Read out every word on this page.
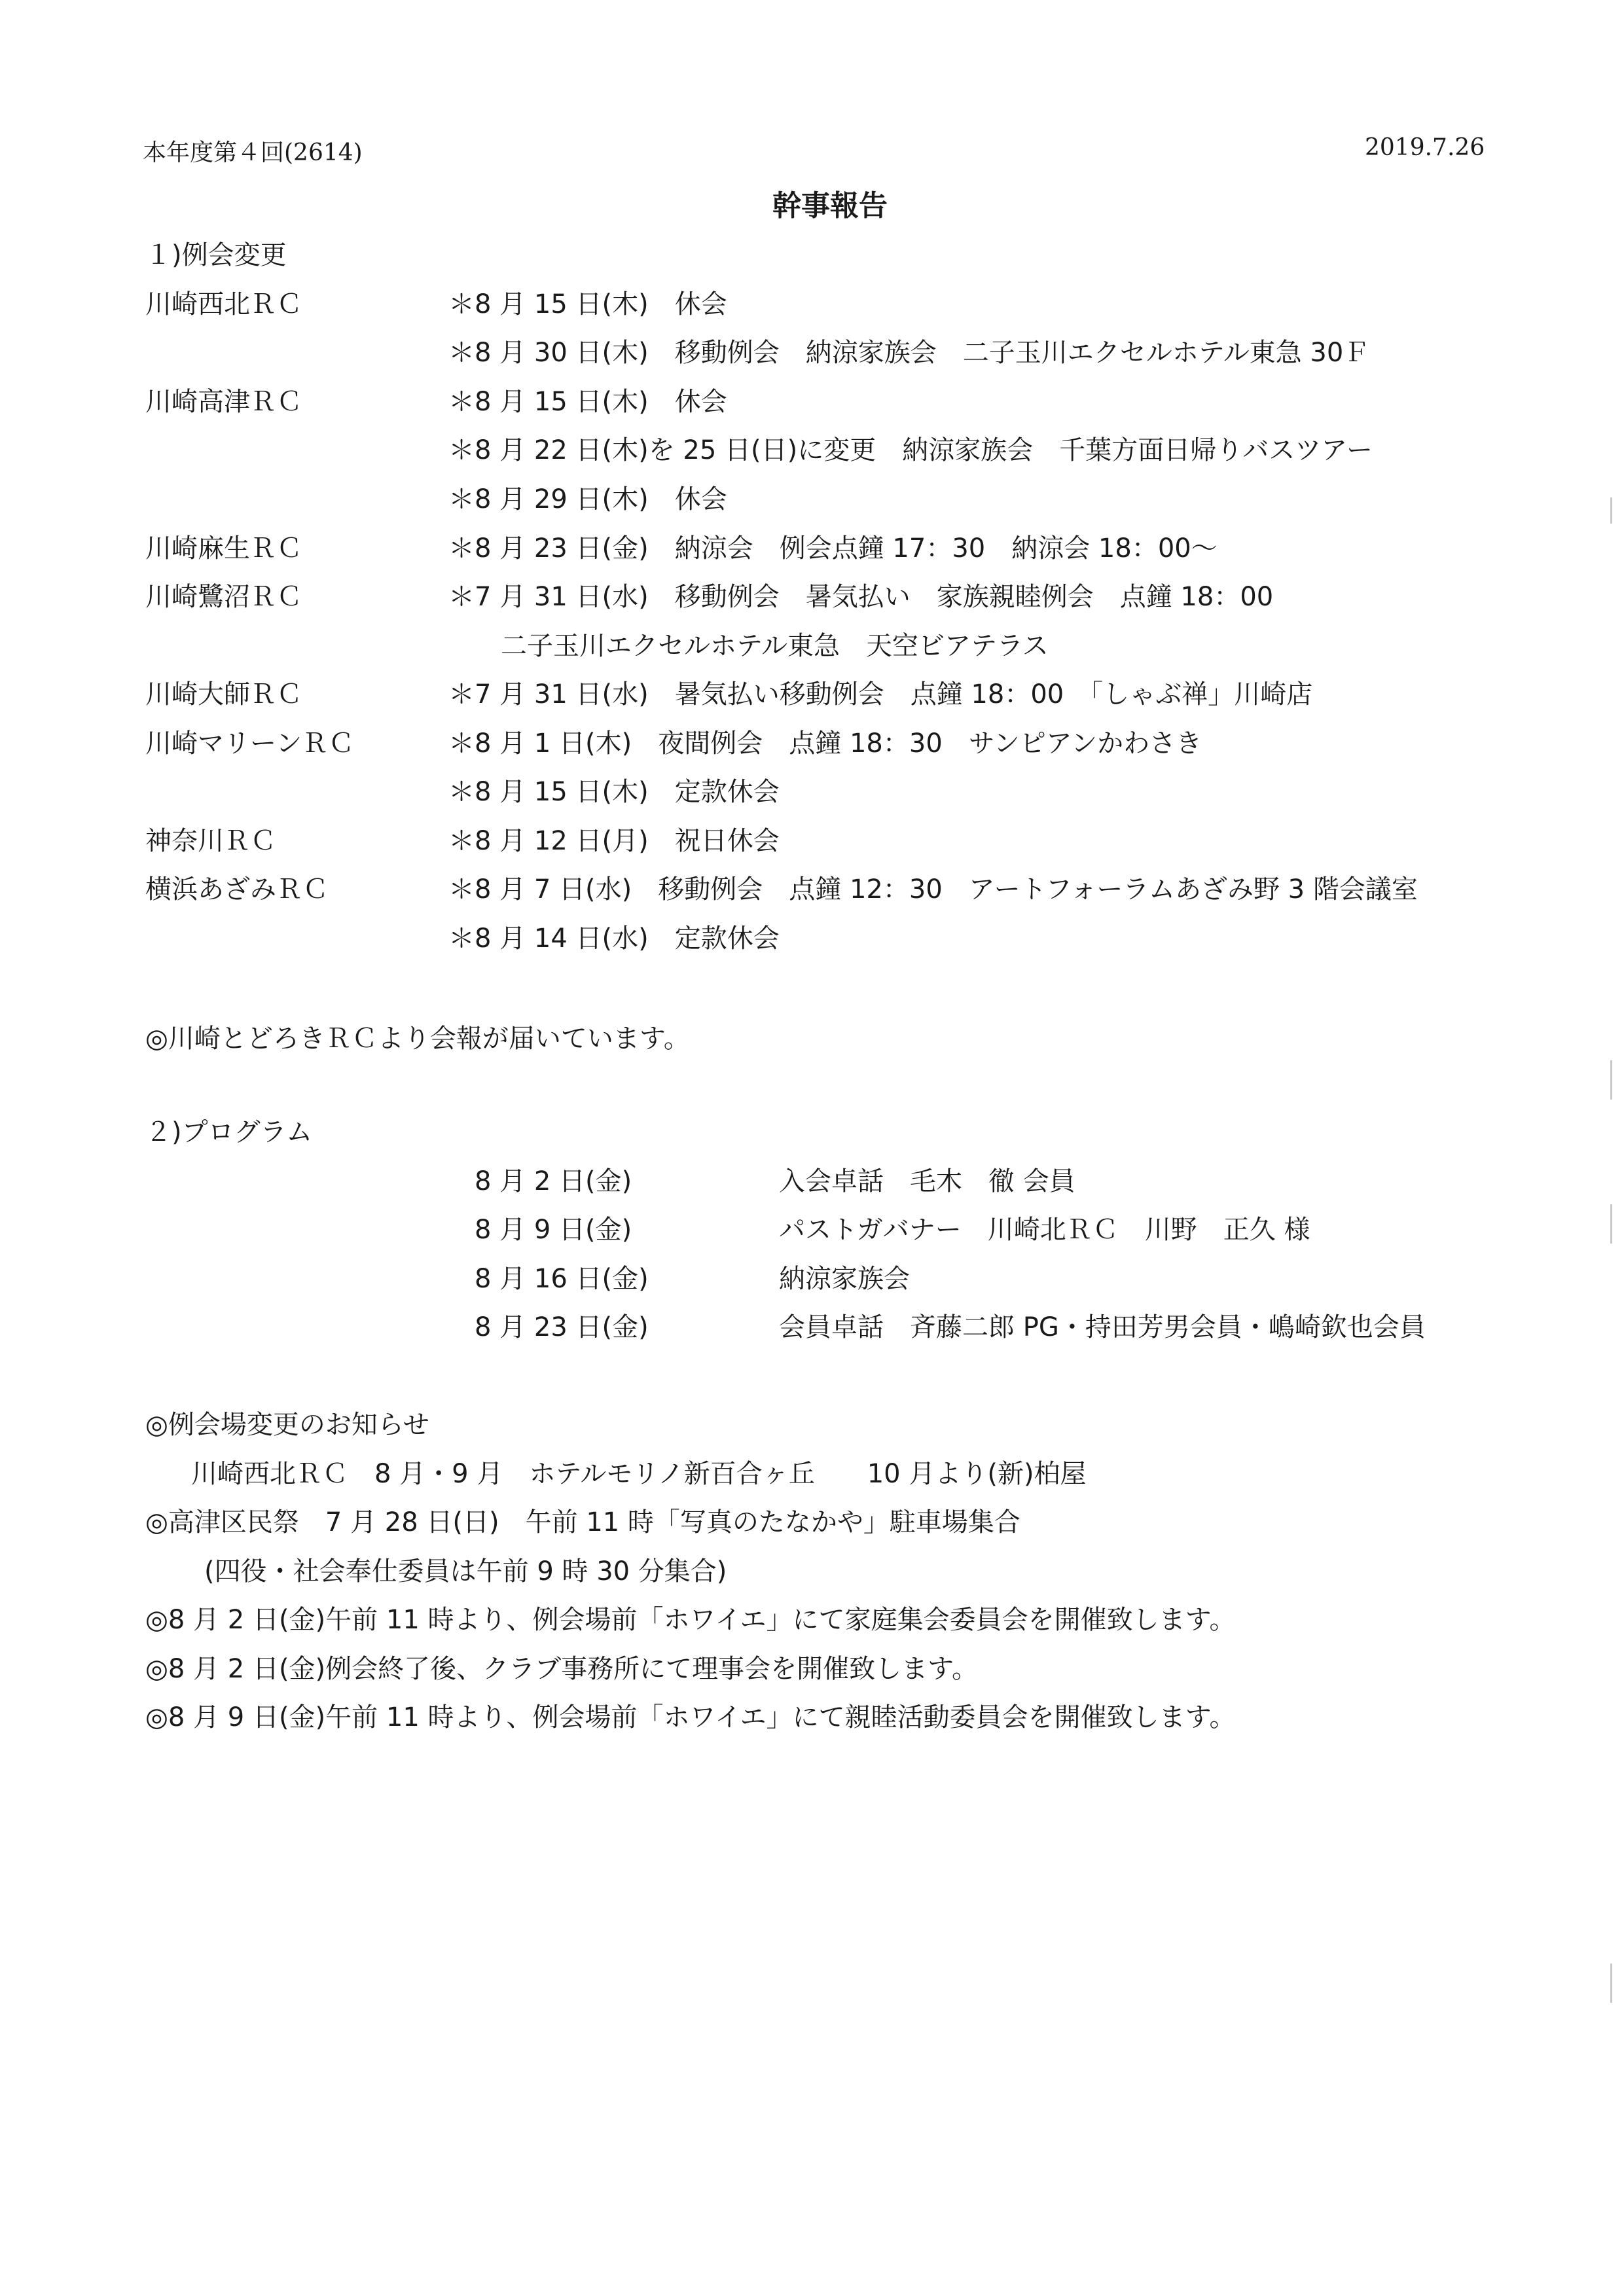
本年度第４回(2614)	2019.7.26
幹事報告
１)例会変更
川崎西北ＲＣ	＊8 月 15 日(木)　休会
＊8 月 30 日(木)　移動例会　納涼家族会　二子玉川エクセルホテル東急 30Ｆ
川崎高津ＲＣ	＊8 月 15 日(木)　休会
＊8 月 22 日(木)を 25 日(日)に変更　納涼家族会　千葉方面日帰りバスツアー
＊8 月 29 日(木)　休会
川崎麻生ＲＣ	＊8 月 23 日(金)　納涼会　例会点鐘 17：30　納涼会 18：00～
川崎鷺沼ＲＣ	＊7 月 31 日(水)　移動例会　暑気払い　家族親睦例会　点鐘 18：00
二子玉川エクセルホテル東急　天空ビアテラス
川崎大師ＲＣ	＊7 月 31 日(水)　暑気払い移動例会　点鐘 18：00　「しゃぶ禅」川崎店
川崎マリーンＲＣ	＊8 月 1 日(木)　夜間例会　点鐘 18：30　サンピアンかわさき
＊8 月 15 日(木)　定款休会
神奈川ＲＣ	＊8 月 12 日(月)　祝日休会
横浜あざみＲＣ	＊8 月 7 日(水)　移動例会　点鐘 12：30　アートフォーラムあざみ野 3 階会議室
＊8 月 14 日(水)　定款休会
◎川崎とどろきＲＣより会報が届いています。
２)プログラム
8 月 2 日(金)	入会卓話　毛木　徹 会員
8 月 9 日(金)	パストガバナー　川崎北ＲＣ　川野　正久 様
8 月 16 日(金)	納涼家族会
8 月 23 日(金)	会員卓話　斉藤二郎 PG・持田芳男会員・嶋崎欽也会員
◎例会場変更のお知らせ
川崎西北ＲＣ　8 月・9 月　ホテルモリノ新百合ヶ丘　　10 月より(新)柏屋
◎高津区民祭　7 月 28 日(日)　午前 11 時「写真のたなかや」駐車場集合
(四役・社会奉仕委員は午前 9 時 30 分集合)
◎8 月 2 日(金)午前 11 時より、例会場前「ホワイエ」にて家庭集会委員会を開催致します。
◎8 月 2 日(金)例会終了後、クラブ事務所にて理事会を開催致します。
◎8 月 9 日(金)午前 11 時より、例会場前「ホワイエ」にて親睦活動委員会を開催致します。
